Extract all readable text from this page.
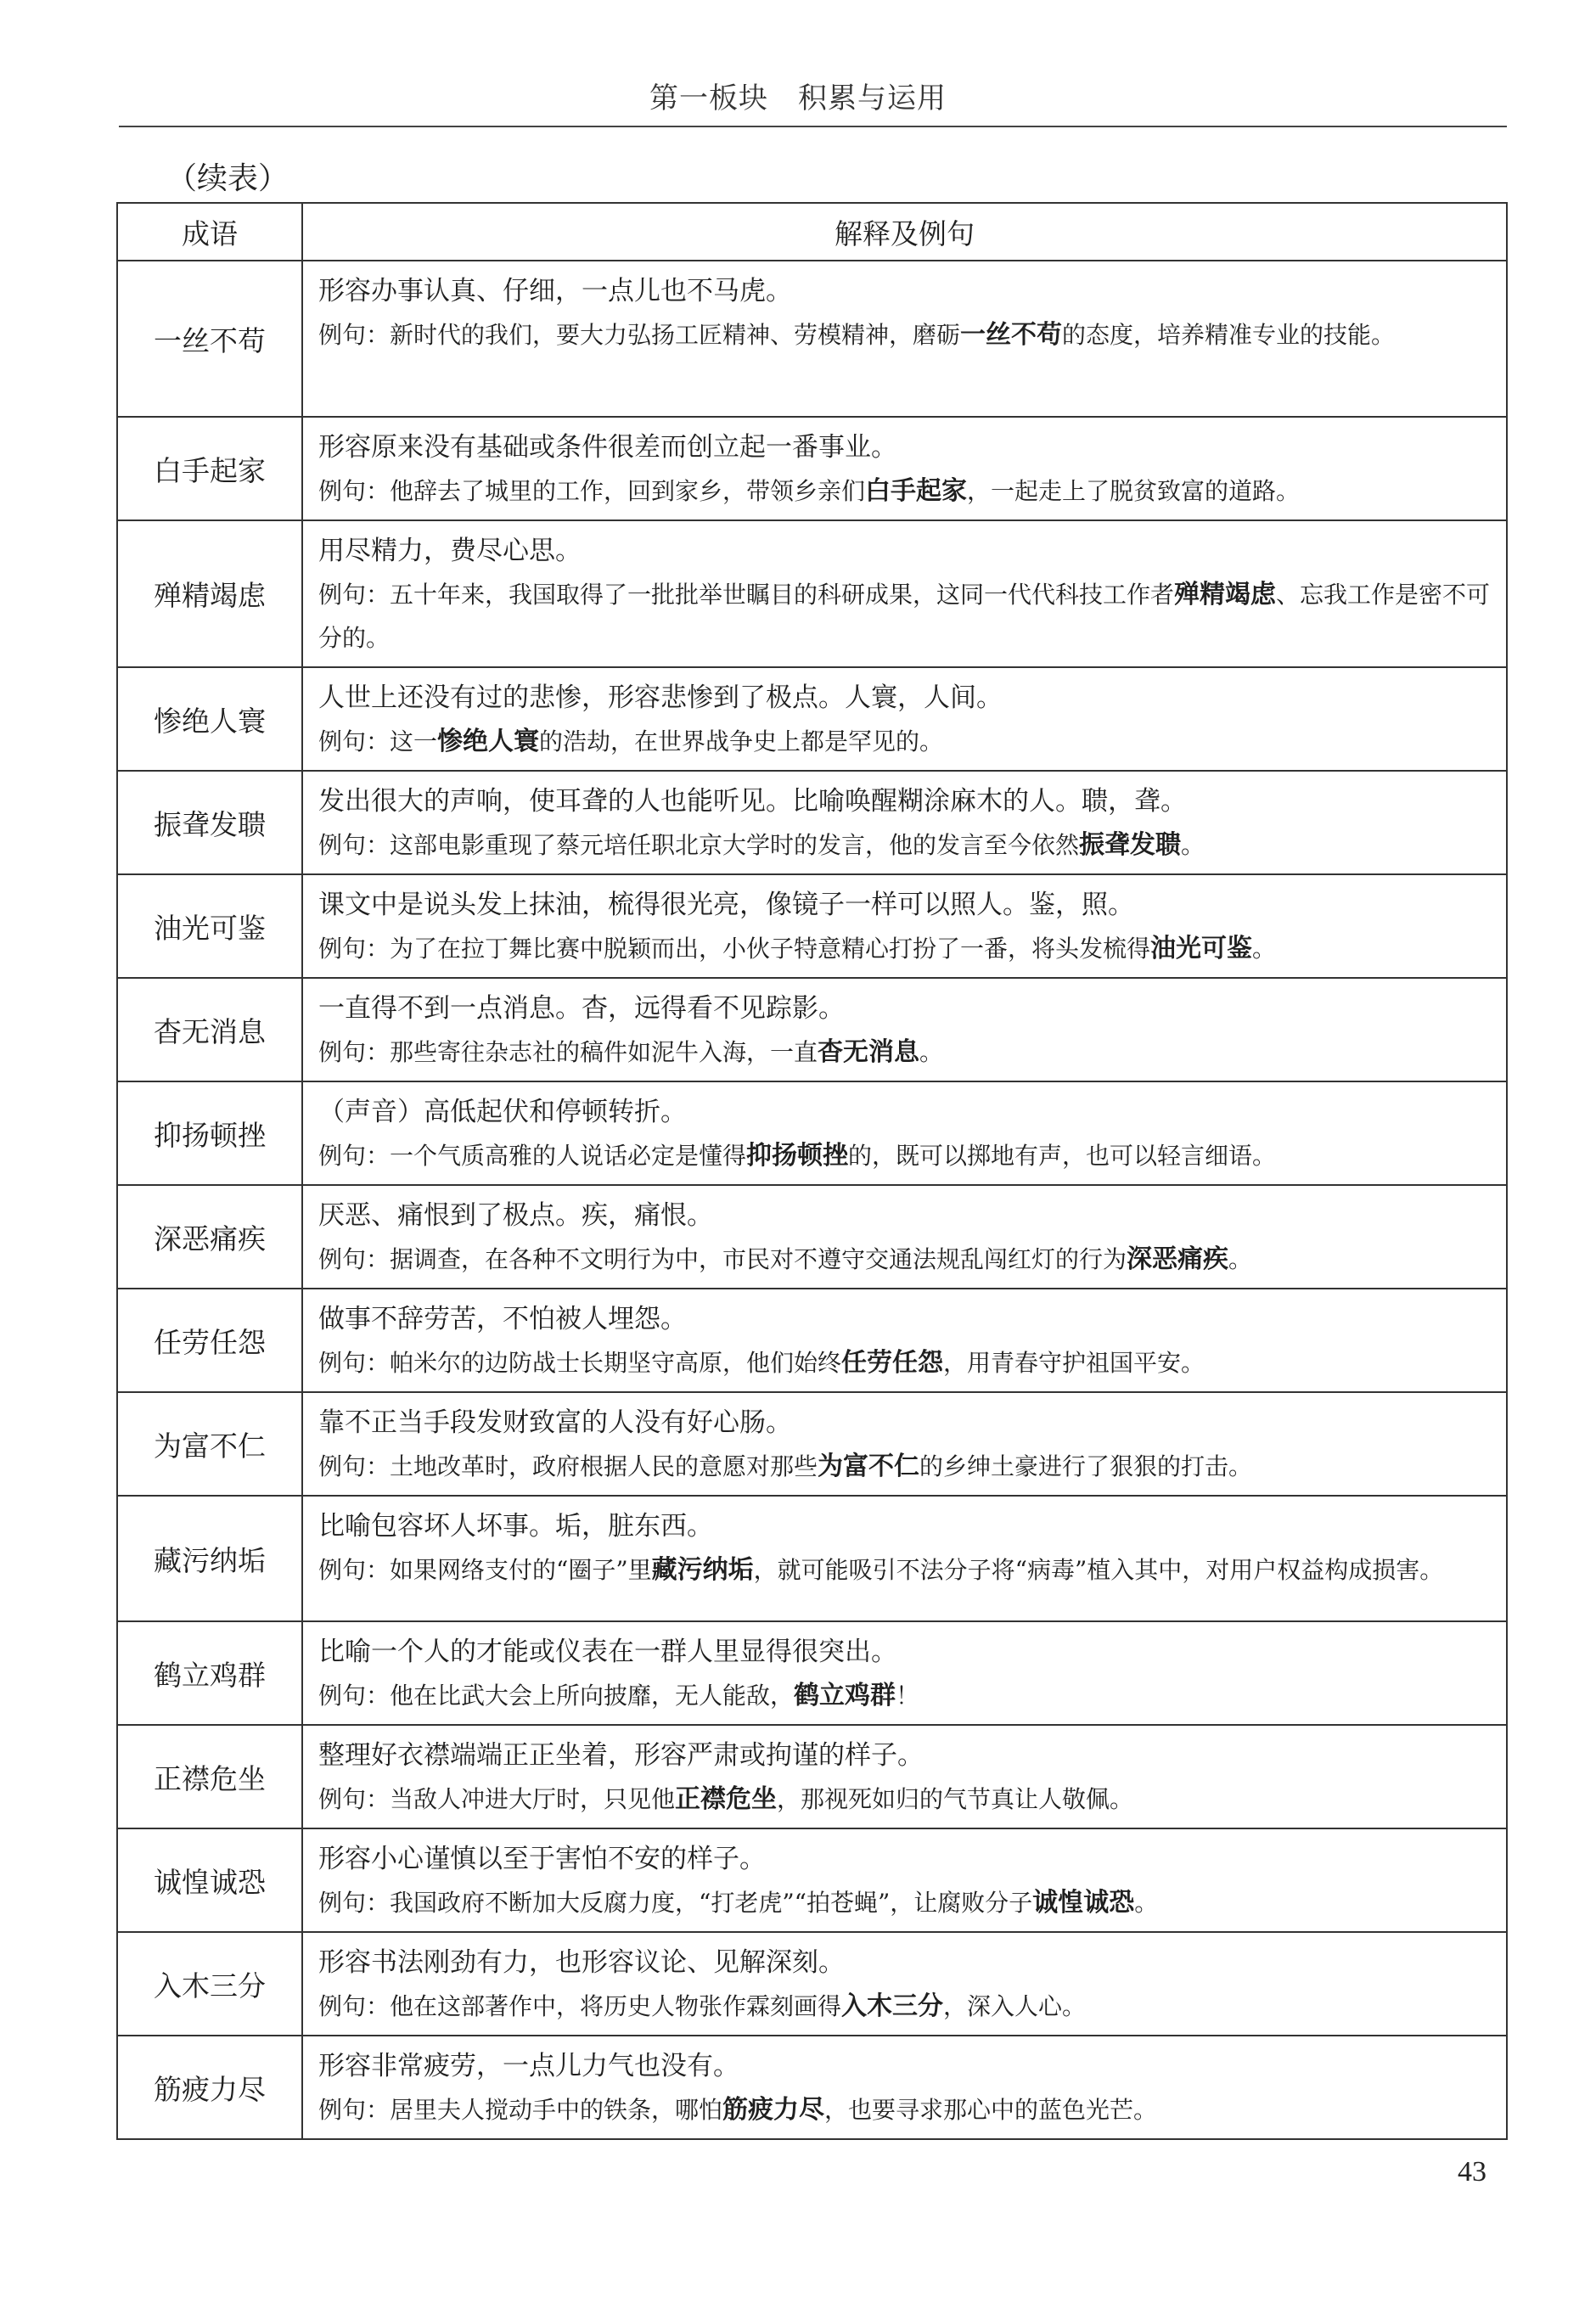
第一板块　积累与运用
（续表）
成语	解释及例句
一丝不苟	形容办事认真、仔细，一点儿也不马虎。
例句：新时代的我们，要大力弘扬工匠精神、劳模精神，磨砺一丝不苟的态度，培养精准专业的技能。

白手起家	形容原来没有基础或条件很差而创立起一番事业。
例句：他辞去了城里的工作，回到家乡，带领乡亲们白手起家，一起走上了脱贫致富的道路。

殚精竭虑	用尽精力，费尽心思。
例句：五十年来，我国取得了一批批举世瞩目的科研成果，这同一代代科技工作者殚精竭虑、忘我工作是密不可分的。

惨绝人寰	人世上还没有过的悲惨，形容悲惨到了极点。人寰，人间。
例句：这一惨绝人寰的浩劫，在世界战争史上都是罕见的。

振聋发聩	发出很大的声响，使耳聋的人也能听见。比喻唤醒糊涂麻木的人。聩，聋。
例句：这部电影重现了蔡元培任职北京大学时的发言，他的发言至今依然振聋发聩。

油光可鉴	课文中是说头发上抹油，梳得很光亮，像镜子一样可以照人。鉴，照。
例句：为了在拉丁舞比赛中脱颖而出，小伙子特意精心打扮了一番，将头发梳得油光可鉴。

杳无消息	一直得不到一点消息。杳，远得看不见踪影。
例句：那些寄往杂志社的稿件如泥牛入海，一直杳无消息。

抑扬顿挫	（声音）高低起伏和停顿转折。
例句：一个气质高雅的人说话必定是懂得抑扬顿挫的，既可以掷地有声，也可以轻言细语。

深恶痛疾	厌恶、痛恨到了极点。疾，痛恨。
例句：据调查，在各种不文明行为中，市民对不遵守交通法规乱闯红灯的行为深恶痛疾。

任劳任怨	做事不辞劳苦，不怕被人埋怨。
例句：帕米尔的边防战士长期坚守高原，他们始终任劳任怨，用青春守护祖国平安。

为富不仁	靠不正当手段发财致富的人没有好心肠。
例句：土地改革时，政府根据人民的意愿对那些为富不仁的乡绅土豪进行了狠狠的打击。

藏污纳垢	比喻包容坏人坏事。垢，脏东西。
例句：如果网络支付的“圈子”里藏污纳垢，就可能吸引不法分子将“病毒”植入其中，对用户权益构成损害。

鹤立鸡群	比喻一个人的才能或仪表在一群人里显得很突出。
例句：他在比武大会上所向披靡，无人能敌，鹤立鸡群！

正襟危坐	整理好衣襟端端正正坐着，形容严肃或拘谨的样子。
例句：当敌人冲进大厅时，只见他正襟危坐，那视死如归的气节真让人敬佩。

诚惶诚恐	形容小心谨慎以至于害怕不安的样子。
例句：我国政府不断加大反腐力度，“打老虎”“拍苍蝇”，让腐败分子诚惶诚恐。

入木三分	形容书法刚劲有力，也形容议论、见解深刻。
例句：他在这部著作中，将历史人物张作霖刻画得入木三分，深入人心。

筋疲力尽	形容非常疲劳，一点儿力气也没有。
例句：居里夫人搅动手中的铁条，哪怕筋疲力尽，也要寻求那心中的蓝色光芒。
43
